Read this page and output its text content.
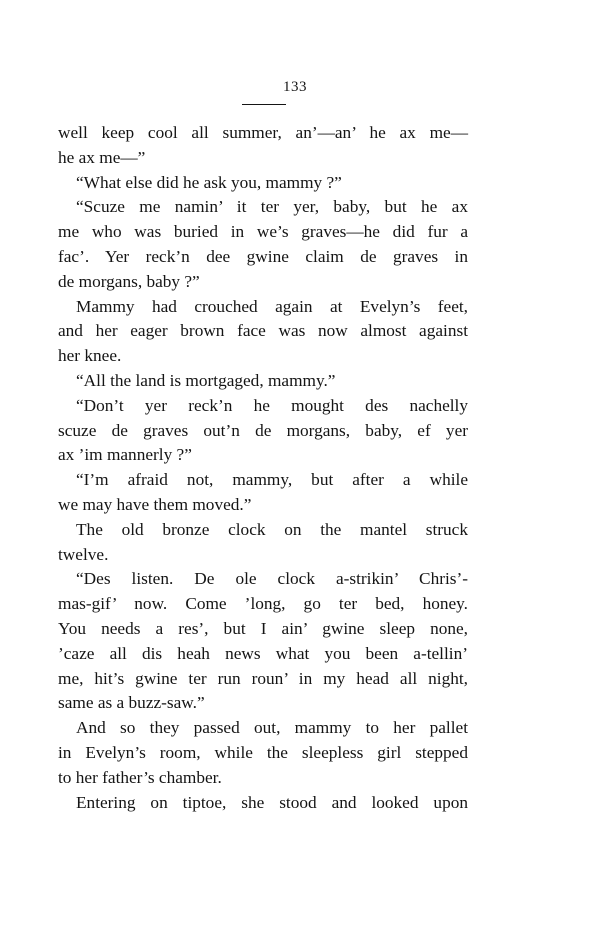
133
well keep cool all summer, an’—an’ he ax me—
he ax me—”
“What else did he ask you, mammy ?”
“Scuze me namin’ it ter yer, baby, but he ax
me who was buried in we’s graves—he did fur a
fac’. Yer reck’n dee gwine claim de graves in
de morgans, baby ?”
Mammy had crouched again at Evelyn’s feet,
and her eager brown face was now almost against
her knee.
“All the land is mortgaged, mammy.”
“Don’t yer reck’n he mought des nachelly
scuze de graves out’n de morgans, baby, ef yer
ax ’im mannerly ?”
“I’m afraid not, mammy, but after a while
we may have them moved.”
The old bronze clock on the mantel struck
twelve.
“Des listen. De ole clock a-strikin’ Chris’-
mas-gif’ now. Come ’long, go ter bed, honey.
You needs a res’, but I ain’ gwine sleep none,
’caze all dis heah news what you been a-tellin’
me, hit’s gwine ter run roun’ in my head all night,
same as a buzz-saw.”
And so they passed out, mammy to her pallet
in Evelyn’s room, while the sleepless girl stepped
to her father’s chamber.
Entering on tiptoe, she stood and looked upon
